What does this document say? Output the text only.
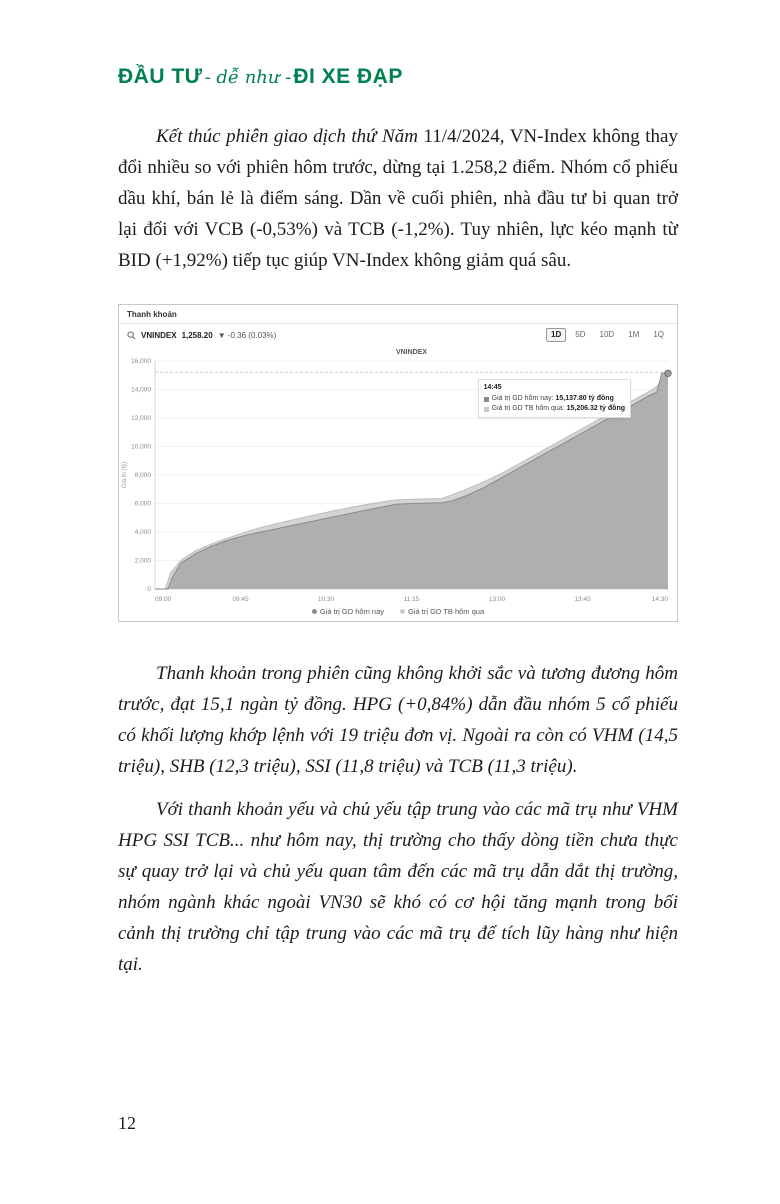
ĐẦU TƯ - dễ như -ĐI XE ĐẠP

Kết thúc phiên giao dịch thứ Năm 11/4/2024, VN-Index không thay đổi nhiều so với phiên hôm trước, dừng tại 1.258,2 điểm. Nhóm cổ phiếu dầu khí, bán lẻ là điểm sáng. Dần về cuối phiên, nhà đầu tư bi quan trở lại đối với VCB (-0,53%) và TCB (-1,2%). Tuy nhiên, lực kéo mạnh từ BID (+1,92%) tiếp tục giúp VN-Index không giảm quá sâu.

Thanh khoản
VNINDEX 1,258.20 ▼ -0.36 (0.03%)	1D	5D	10D	1M	1Q
0
2,000
4,000
6,000
8,000
10,000
12,000
14,000
16,000
09:00	09:45	10:30	11:15	13:00	13:45	14:30
VNINDEX
Giá trị (tỷ)
14:45
Giá trị GD hôm nay: 15,137.80 tỷ đồng
Giá trị GD TB hôm qua: 15,206.32 tỷ đồng
Giá trị GD hôm nay	Giá trị GD TB hôm qua

Thanh khoản trong phiên cũng không khởi sắc và tương đương hôm trước, đạt 15,1 ngàn tỷ đồng. HPG (+0,84%) dẫn đầu nhóm 5 cổ phiếu có khối lượng khớp lệnh với 19 triệu đơn vị. Ngoài ra còn có VHM (14,5 triệu), SHB (12,3 triệu), SSI (11,8 triệu) và TCB (11,3 triệu).

Với thanh khoản yếu và chủ yếu tập trung vào các mã trụ như VHM HPG SSI TCB... như hôm nay, thị trường cho thấy dòng tiền chưa thực sự quay trở lại và chủ yếu quan tâm đến các mã trụ dẫn dắt thị trường, nhóm ngành khác ngoài VN30 sẽ khó có cơ hội tăng mạnh trong bối cảnh thị trường chỉ tập trung vào các mã trụ để tích lũy hàng như hiện tại.

12
